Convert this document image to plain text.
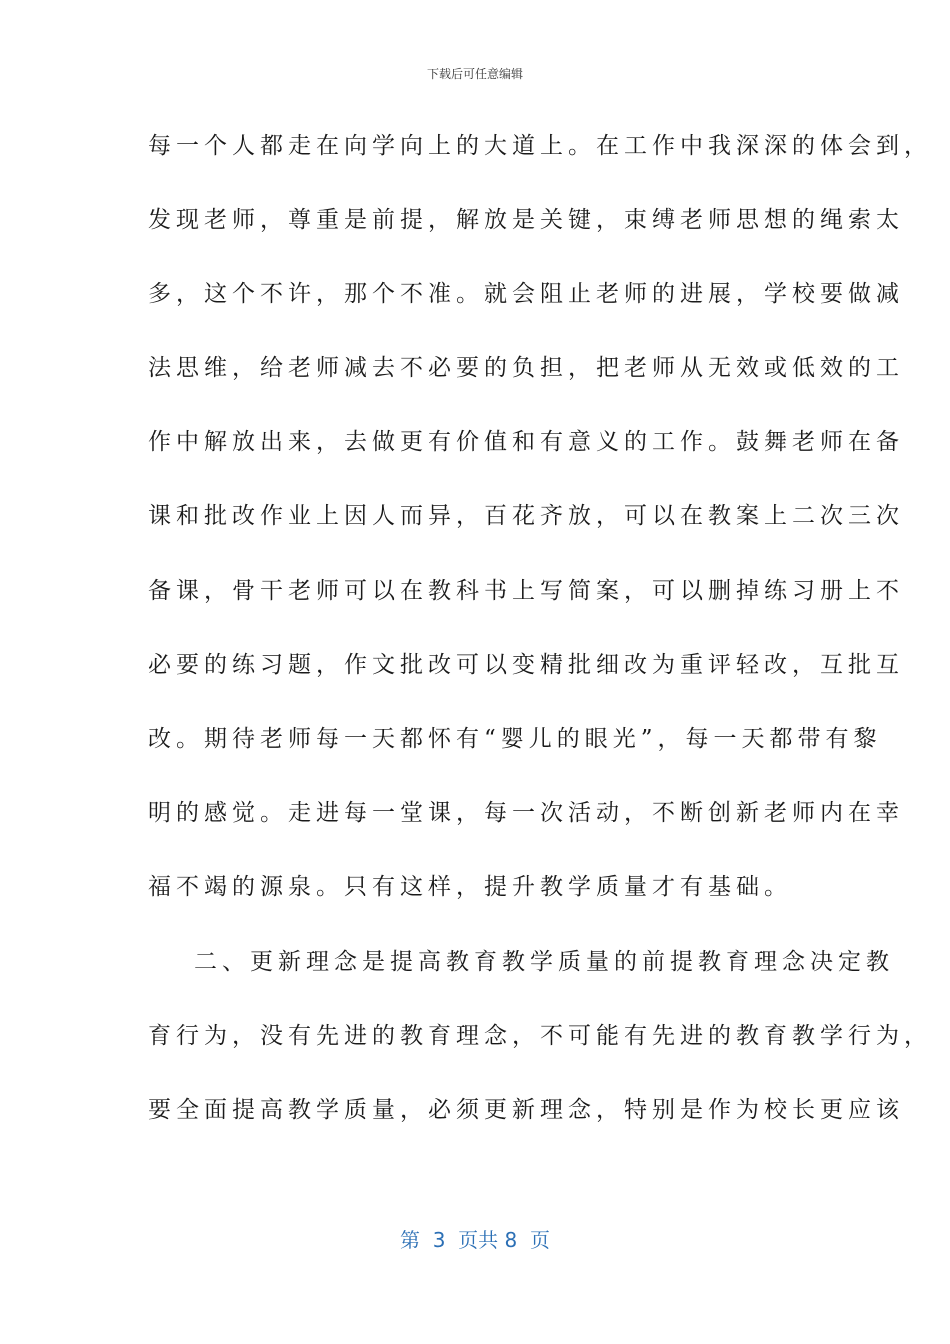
下载后可任意编辑
每一个人都走在向学向上的大道上。在工作中我深深的体会到，
发现老师，尊重是前提，解放是关键，束缚老师思想的绳索太
多，这个不许，那个不准。就会阻止老师的进展，学校要做减
法思维，给老师减去不必要的负担，把老师从无效或低效的工
作中解放出来，去做更有价值和有意义的工作。鼓舞老师在备
课和批改作业上因人而异，百花齐放，可以在教案上二次三次
备课，骨干老师可以在教科书上写简案，可以删掉练习册上不
必要的练习题，作文批改可以变精批细改为重评轻改，互批互
改。期待老师每一天都怀有“婴儿的眼光”，每一天都带有黎
明的感觉。走进每一堂课，每一次活动，不断创新老师内在幸
福不竭的源泉。只有这样，提升教学质量才有基础。
二、更新理念是提高教育教学质量的前提教育理念决定教
育行为，没有先进的教育理念，不可能有先进的教育教学行为，
要全面提高教学质量，必须更新理念，特别是作为校长更应该
第  3  页共 8  页
